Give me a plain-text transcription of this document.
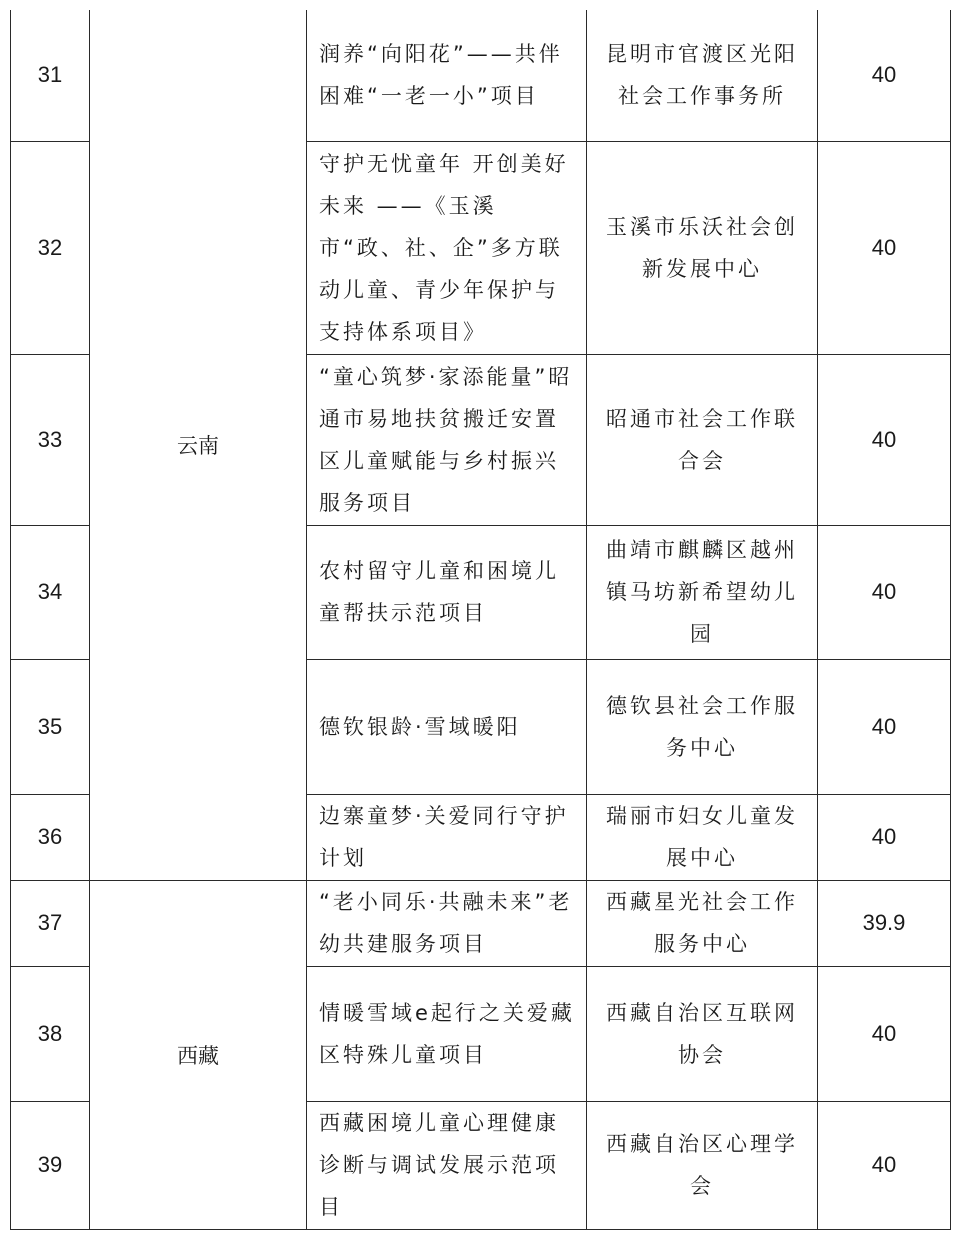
31	云南	润养“向阳花”——共伴困难“一老一小”项目	昆明市官渡区光阳社会工作事务所	40
32		守护无忧童年 开创美好未来 ——《玉溪市“政、社、企”多方联动儿童、青少年保护与支持体系项目》	玉溪市乐沃社会创新发展中心	40
33		“童心筑梦·家添能量”昭通市易地扶贫搬迁安置区儿童赋能与乡村振兴服务项目	昭通市社会工作联合会	40
34		农村留守儿童和困境儿童帮扶示范项目	曲靖市麒麟区越州镇马坊新希望幼儿园	40
35		德钦银龄·雪域暖阳	德钦县社会工作服务中心	40
36		边寨童梦·关爱同行守护计划	瑞丽市妇女儿童发展中心	40
37	西藏	“老小同乐·共融未来”老幼共建服务项目	西藏星光社会工作服务中心	39.9
38		情暖雪域e起行之关爱藏区特殊儿童项目	西藏自治区互联网协会	40
39		西藏困境儿童心理健康诊断与调试发展示范项目	西藏自治区心理学会	40
